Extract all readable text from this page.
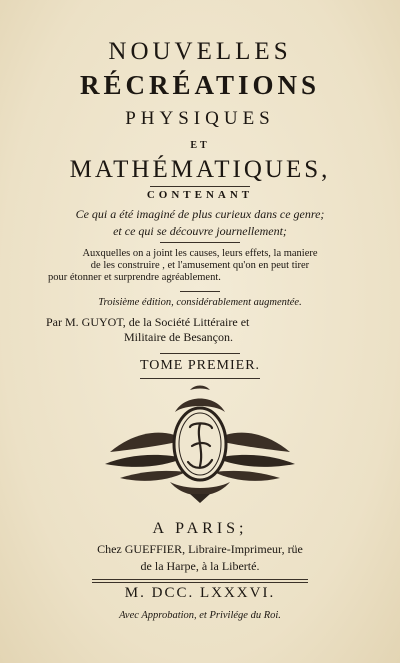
NOUVELLES
RÉCRÉATIONS
PHYSIQUES
ET
MATHÉMATIQUES,
CONTENANT
Ce qui a été imaginé de plus curieux dans ce genre;
et ce qui se découvre journellement;
Auxquelles on a joint les causes, leurs effets, la maniere
de les construire , et l'amusement qu'on en peut tirer
pour étonner et surprendre agréablement.
Troisième édition, considérablement augmentée.
Par M. GUYOT, de la Société Littéraire et
Militaire de Besançon.
TOME PREMIER.
A PARIS;
Chez GUEFFIER, Libraire-Imprimeur, rüe
de la Harpe, à la Liberté.
M. DCC. LXXXVI.
Avec Approbation, et Privilége du Roi.
